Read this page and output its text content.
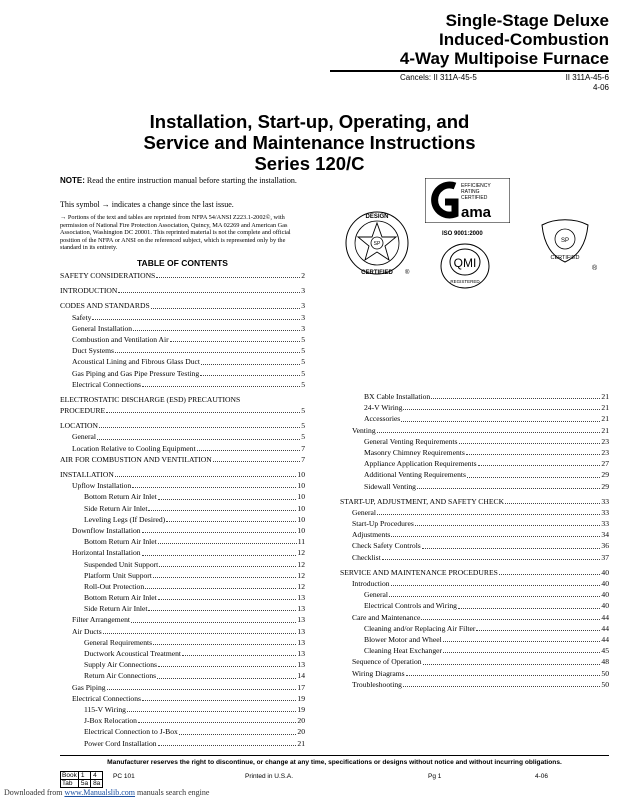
Single-Stage Deluxe
Induced-Combustion
4-Way Multipoise Furnace
Cancels: II 311A-45-5	II 311A-45-6
4-06
Installation, Start-up, Operating, and
Service and Maintenance Instructions
Series 120/C
NOTE: Read the entire instruction manual before starting the installation.
This symbol → indicates a change since the last issue.
→ Portions of the text and tables are reprinted from NFPA 54/ANSI Z223.1-2002©, with permission of National Fire Protection Association, Quincy, MA 02269 and American Gas Association, Washington DC 20001. This reprinted material is not the complete and official position of the NFPA or ANSI on the referenced subject, which is represented only by the standard in its entirety.	SP
DESIGN
CERTIFIED ®
EFFICIENCY
RATING
CERTIFIED
ama
ISO 9001:2000
QMI
REGISTERED
SP
CERTIFIED
®
TABLE OF CONTENTS
SAFETY CONSIDERATIONS	2
INTRODUCTION	3
CODES AND STANDARDS	3
Safety	3
General Installation	3
Combustion and Ventilation Air	5
Duct Systems	5
Acoustical Lining and Fibrous Glass Duct	5
Gas Piping and Gas Pipe Pressure Testing	5
Electrical Connections	5
ELECTROSTATIC DISCHARGE (ESD) PRECAUTIONS
PROCEDURE	5
LOCATION	5
General	5
Location Relative to Cooling Equipment	7
AIR FOR COMBUSTION AND VENTILATION	7
INSTALLATION	10
Upflow Installation	10
Bottom Return Air Inlet	10
Side Return Air Inlet	10
Leveling Legs (If Desired)	10
Downflow Installation	10
Bottom Return Air Inlet	11
Horizontal Installation	12
Suspended Unit Support	12
Platform Unit Support	12
Roll-Out Protection	12
Bottom Return Air Inlet	13
Side Return Air Inlet	13
Filter Arrangement	13
Air Ducts	13
General Requirements	13
Ductwork Acoustical Treatment	13
Supply Air Connections	13
Return Air Connections	14
Gas Piping	17
Electrical Connections	19
115-V Wiring	19
J-Box Relocation	20
Electrical Connection to J-Box	20
Power Cord Installation	21
BX Cable Installation	21
24-V Wiring	21
Accessories	21
Venting	21
General Venting Requirements	23
Masonry Chimney Requirements	23
Appliance Application Requirements	27
Additional Venting Requirements	29
Sidewall Venting	29
START-UP, ADJUSTMENT, AND SAFETY CHECK	33
General	33
Start-Up Procedures	33
Adjustments	34
Check Safety Controls	36
Checklist	37
SERVICE AND MAINTENANCE PROCEDURES	40
Introduction	40
General	40
Electrical Controls and Wiring	40
Care and Maintenance	44
Cleaning and/or Replacing Air Filter	44
Blower Motor and Wheel	44
Cleaning Heat Exchanger	45
Sequence of Operation	48
Wiring Diagrams	50
Troubleshooting	50
Manufacturer reserves the right to discontinue, or change at any time, specifications or designs without notice and without incurring obligations.
Book	1	4
Tab	5a	8a
PC 101	Printed in U.S.A.	Pg 1	4-06
Downloaded from www.Manualslib.com manuals search engine
